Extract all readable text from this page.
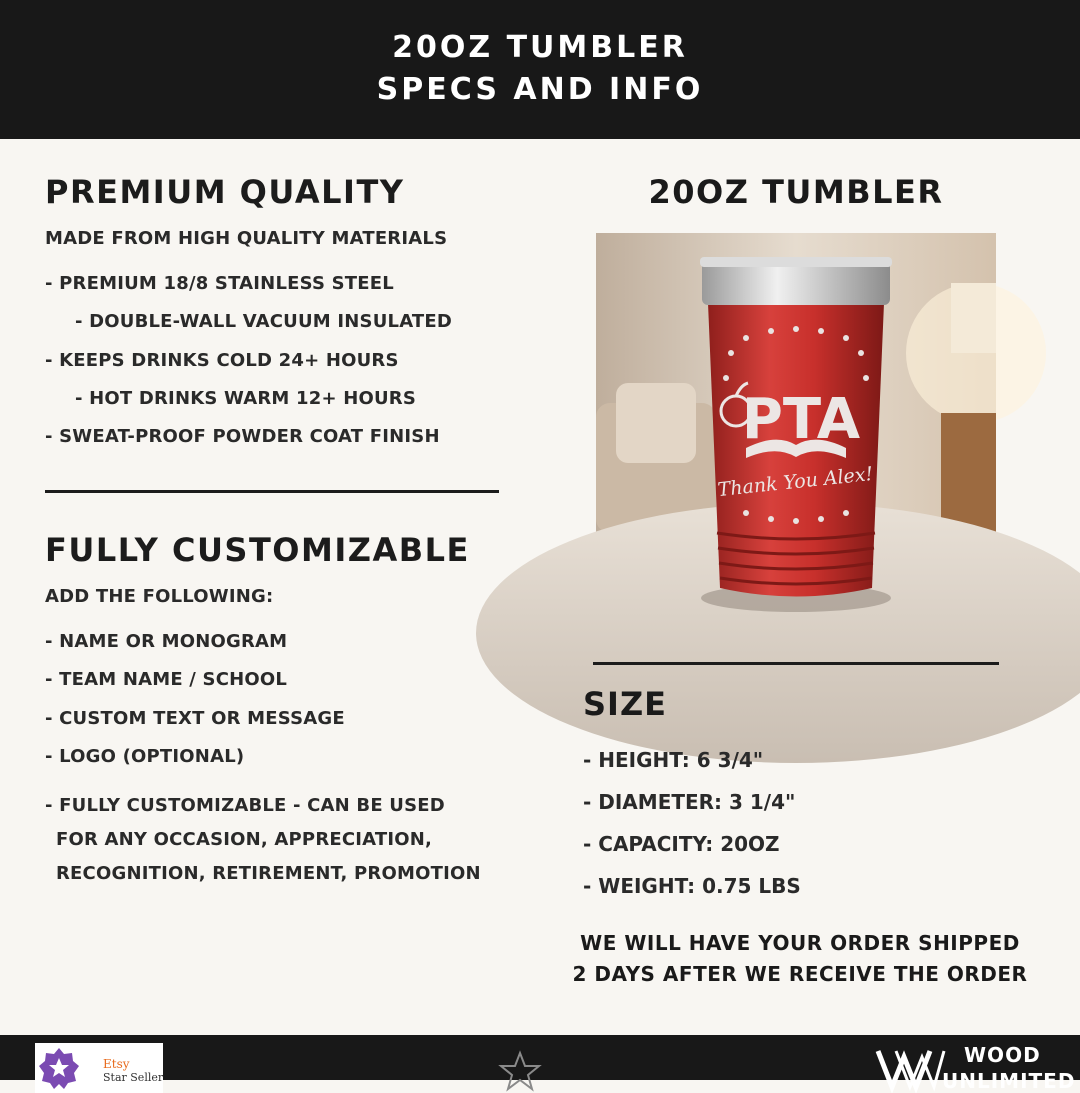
20OZ TUMBLER
SPECS AND INFO
PREMIUM QUALITY
MADE FROM HIGH QUALITY MATERIALS
- PREMIUM 18/8 STAINLESS STEEL
- DOUBLE-WALL VACUUM INSULATED
- KEEPS DRINKS COLD 24+ HOURS
- HOT DRINKS WARM 12+ HOURS
- SWEAT-PROOF POWDER COAT FINISH
FULLY CUSTOMIZABLE
ADD THE FOLLOWING:
- NAME OR MONOGRAM
- TEAM NAME / SCHOOL
- CUSTOM TEXT OR MESSAGE
- LOGO (OPTIONAL)
- FULLY CUSTOMIZABLE - CAN BE USED
FOR ANY OCCASION, APPRECIATION,
RECOGNITION, RETIREMENT, PROMOTION
20OZ TUMBLER
PTA
Thank You Alex!
SIZE
- HEIGHT: 6 3/4"
- DIAMETER: 3 1/4"
- CAPACITY: 20OZ
- WEIGHT: 0.75 LBS
WE WILL HAVE YOUR ORDER SHIPPED
2 DAYS AFTER WE RECEIVE THE ORDER
Etsy
Star Seller
WOOD
UNLIMITED
